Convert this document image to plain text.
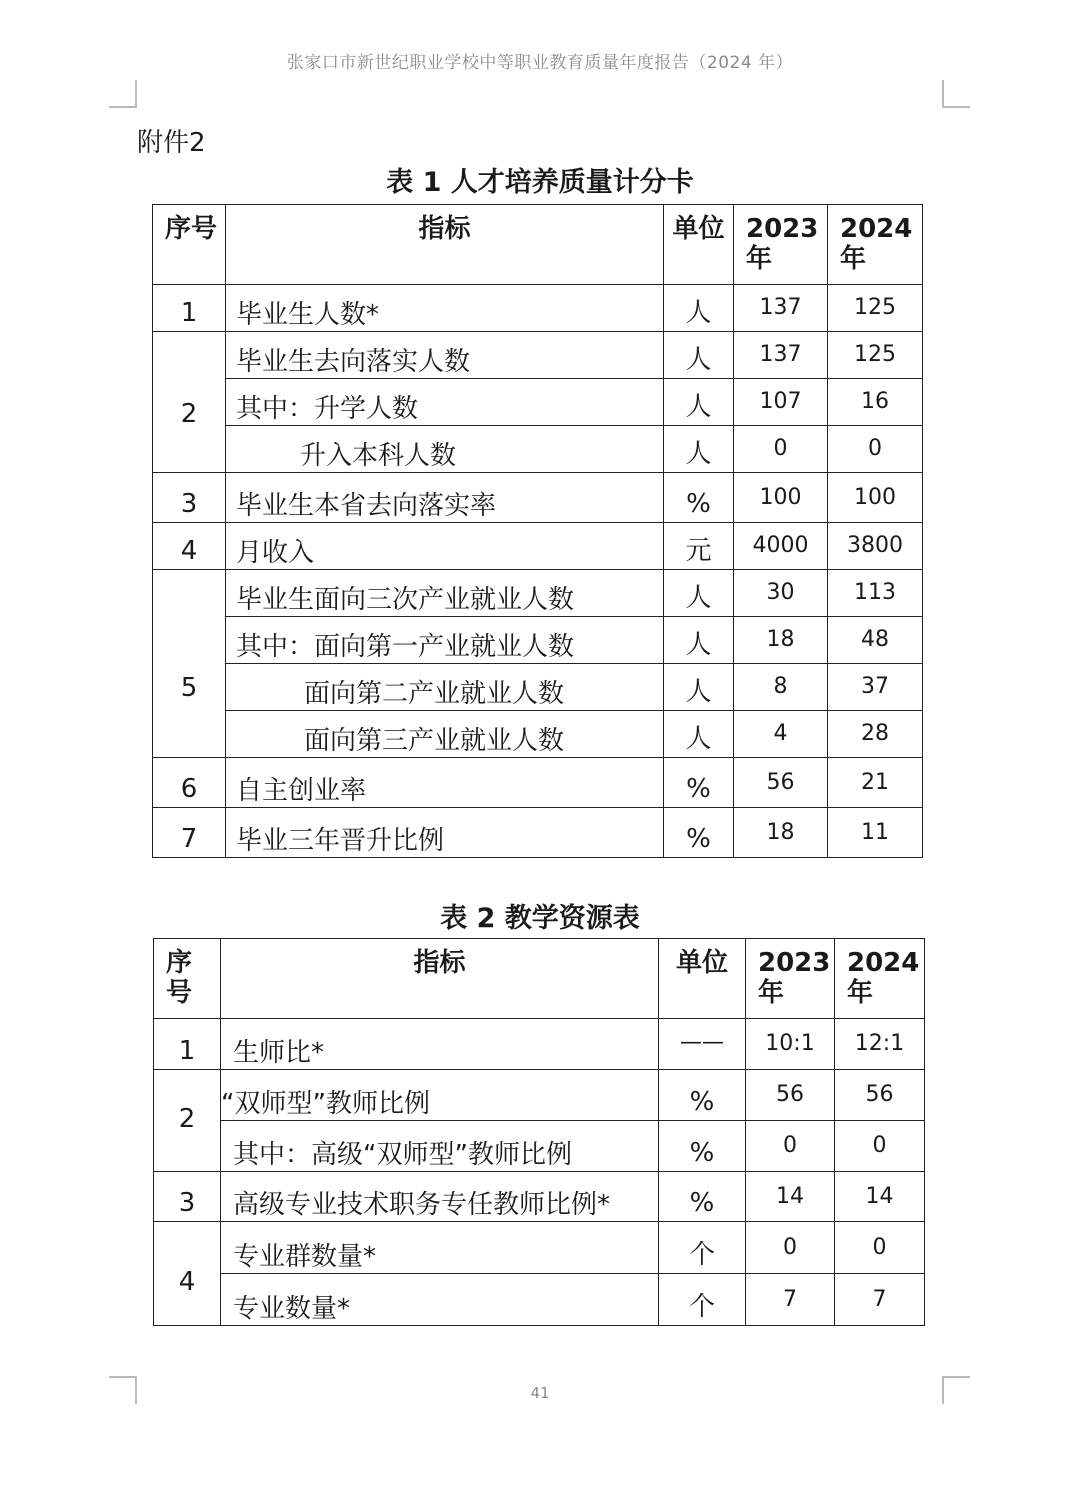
张家口市新世纪职业学校中等职业教育质量年度报告（2024 年）
附件2
表 1 人才培养质量计分卡
序号	指标	单位	2023年	2024年
1	毕业生人数*	人	137	125
2	毕业生去向落实人数	人	137	125
	其中：升学人数	人	107	16
	升入本科人数	人	0	0
3	毕业生本省去向落实率	%	100	100
4	月收入	元	4000	3800
5	毕业生面向三次产业就业人数	人	30	113
	其中：面向第一产业就业人数	人	18	48
	面向第二产业就业人数	人	8	37
	面向第三产业就业人数	人	4	28
6	自主创业率	%	56	21
7	毕业三年晋升比例	%	18	11
表 2 教学资源表
序号	指标	单位	2023年	2024年
1	生师比*	——	10:1	12:1
2	“双师型”教师比例	%	56	56
	其中：高级“双师型”教师比例	%	0	0
3	高级专业技术职务专任教师比例*	%	14	14
4	专业群数量*	个	0	0
	专业数量*	个	7	7
41
